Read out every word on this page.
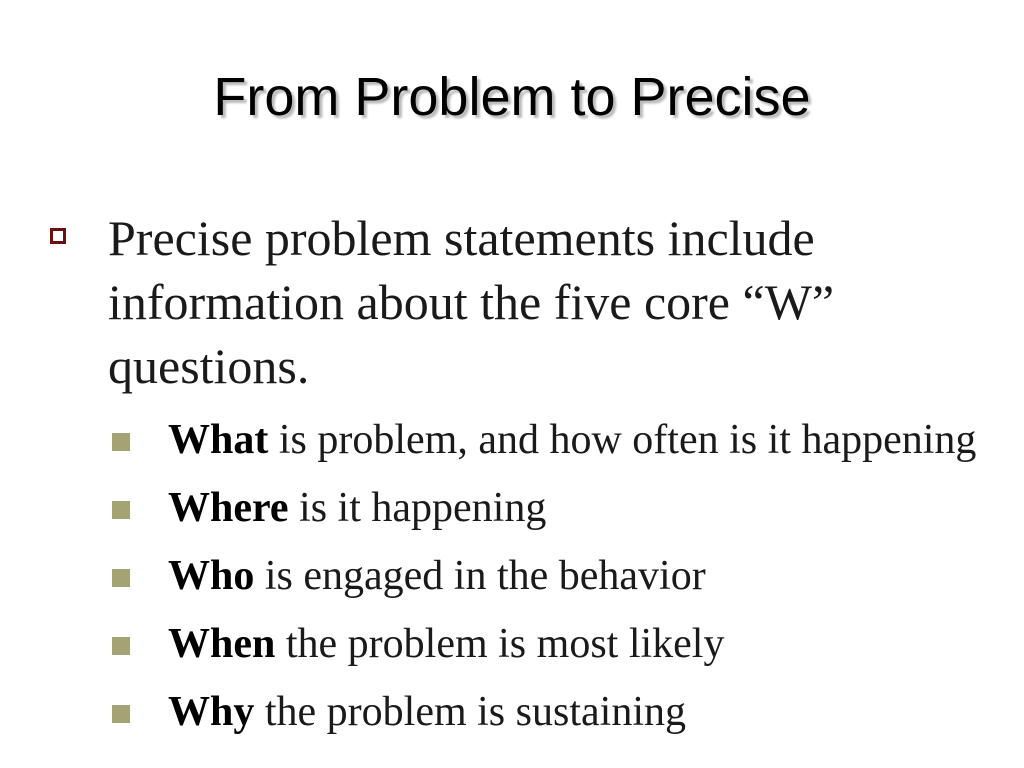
From Problem to Precise
Precise problem statements include information about the five core “W” questions.
What is problem, and how often is it happening
Where is it happening
Who is engaged in the behavior
When the problem is most likely
Why the problem is sustaining
